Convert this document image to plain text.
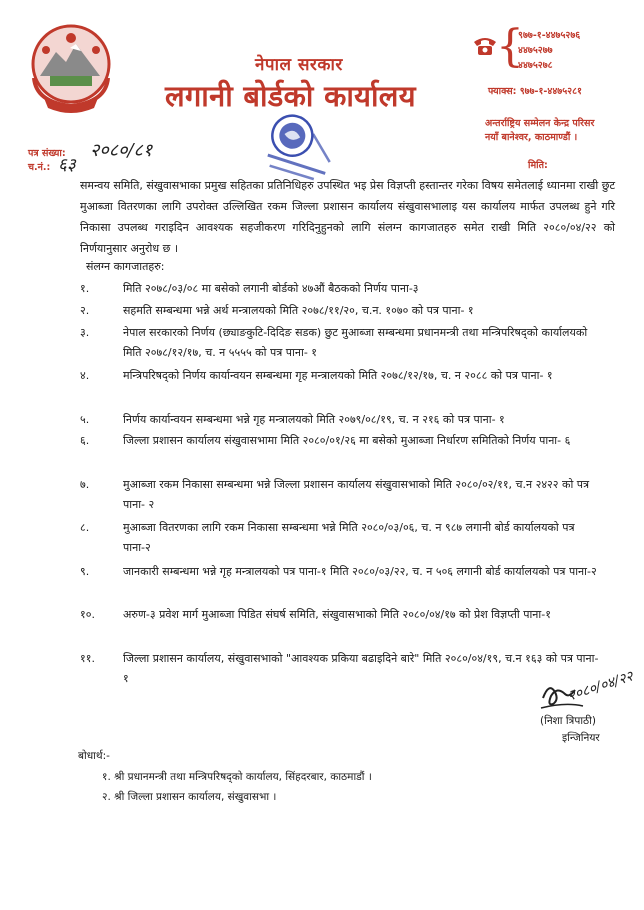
नेपाल सरकार
लगानी बोर्डको कार्यालय
{
९७७-१-४४७५२७६
४४७५२७७
४४७५२७८
फ्याक्स: ९७७-१-४४७५२८१
अन्तर्राष्ट्रिय सम्मेलन केन्द्र परिसर
नयाँ बानेश्वर, काठमाण्डौं ।
मिति:
पत्र संख्या: २०८०/८१
च.नं.: ६३
समन्वय समिति, संखुवासभाका प्रमुख सहितका प्रतिनिधिहरु उपस्थित भइ प्रेस विज्ञप्ती हस्तान्तर गरेका विषय समेतलाई ध्यानमा राखी छुट मुआब्जा वितरणका लागि उपरोक्त उल्लिखित रकम जिल्ला प्रशासन कार्यालय संखुवासभालाइ यस कार्यालय मार्फत उपलब्ध हुने गरि निकासा उपलब्ध गराइदिन आवश्यक सहजीकरण गरिदिनुहुनको लागि संलग्न कागजातहरु समेत राखी मिति २०८०/०४/२२ को निर्णयानुसार अनुरोध छ ।
संलग्न कागजातहरु:
१.	मिति २०७८/०३/०८ मा बसेको लगानी बोर्डको ४७औं बैठकको निर्णय पाना-३
२.	सहमति सम्बन्धमा भन्ने अर्थ मन्त्रालयको मिति २०७८/११/२०, च.न. १०७० को पत्र पाना- १
३.	नेपाल सरकारको निर्णय (छ्याङकुटि-दिदिङ सडक) छुट मुआब्जा सम्बन्धमा प्रधानमन्त्री तथा मन्त्रिपरिषद्को कार्यालयको मिति २०७८/१२/१७, च. न ५५५५ को पत्र पाना- १
४.	मन्त्रिपरिषद्को निर्णय कार्यान्वयन सम्बन्धमा गृह मन्त्रालयको मिति २०७८/१२/१७, च. न २०८८ को पत्र पाना- १
५.	निर्णय कार्यान्वयन सम्बन्धमा भन्ने गृह मन्त्रालयको मिति २०७९/०८/१९, च. न २१६ को पत्र पाना- १
६.	जिल्ला प्रशासन कार्यालय संखुवासभामा मिति २०८०/०१/२६ मा बसेको मुआब्जा निर्धारण समितिको निर्णय पाना- ६
७.	मुआब्जा रकम निकासा सम्बन्धमा भन्ने जिल्ला प्रशासन कार्यालय संखुवासभाको मिति २०८०/०२/११, च.न २४२२ को पत्र पाना- २
८.	मुआब्जा वितरणका लागि रकम निकासा सम्बन्धमा भन्ने मिति २०८०/०३/०६, च. न ९८७ लगानी बोर्ड कार्यालयको पत्र पाना-२
९.	जानकारी सम्बन्धमा भन्ने गृह मन्त्रालयको पत्र पाना-१ मिति २०८०/०३/२२, च. न ५०६ लगानी बोर्ड कार्यालयको पत्र पाना-२
१०.	अरुण-३ प्रवेश मार्ग मुआब्जा पिडित संघर्ष समिति, संखुवासभाको मिति २०८०/०४/१७ को प्रेश विज्ञप्ती पाना-१
११.	जिल्ला प्रशासन कार्यालय, संखुवासभाको "आवश्यक प्रकिया बढाइदिने बारे" मिति २०८०/०४/१९, च.न १६३ को पत्र पाना- १	२०८०/०४/२२
(निशा त्रिपाठी)
इन्जिनियर
बोधार्थ:-
१. श्री प्रधानमन्त्री तथा मन्त्रिपरिषद्को कार्यालय, सिंहदरबार, काठमाडौं ।
२. श्री जिल्ला प्रशासन कार्यालय, संखुवासभा ।
